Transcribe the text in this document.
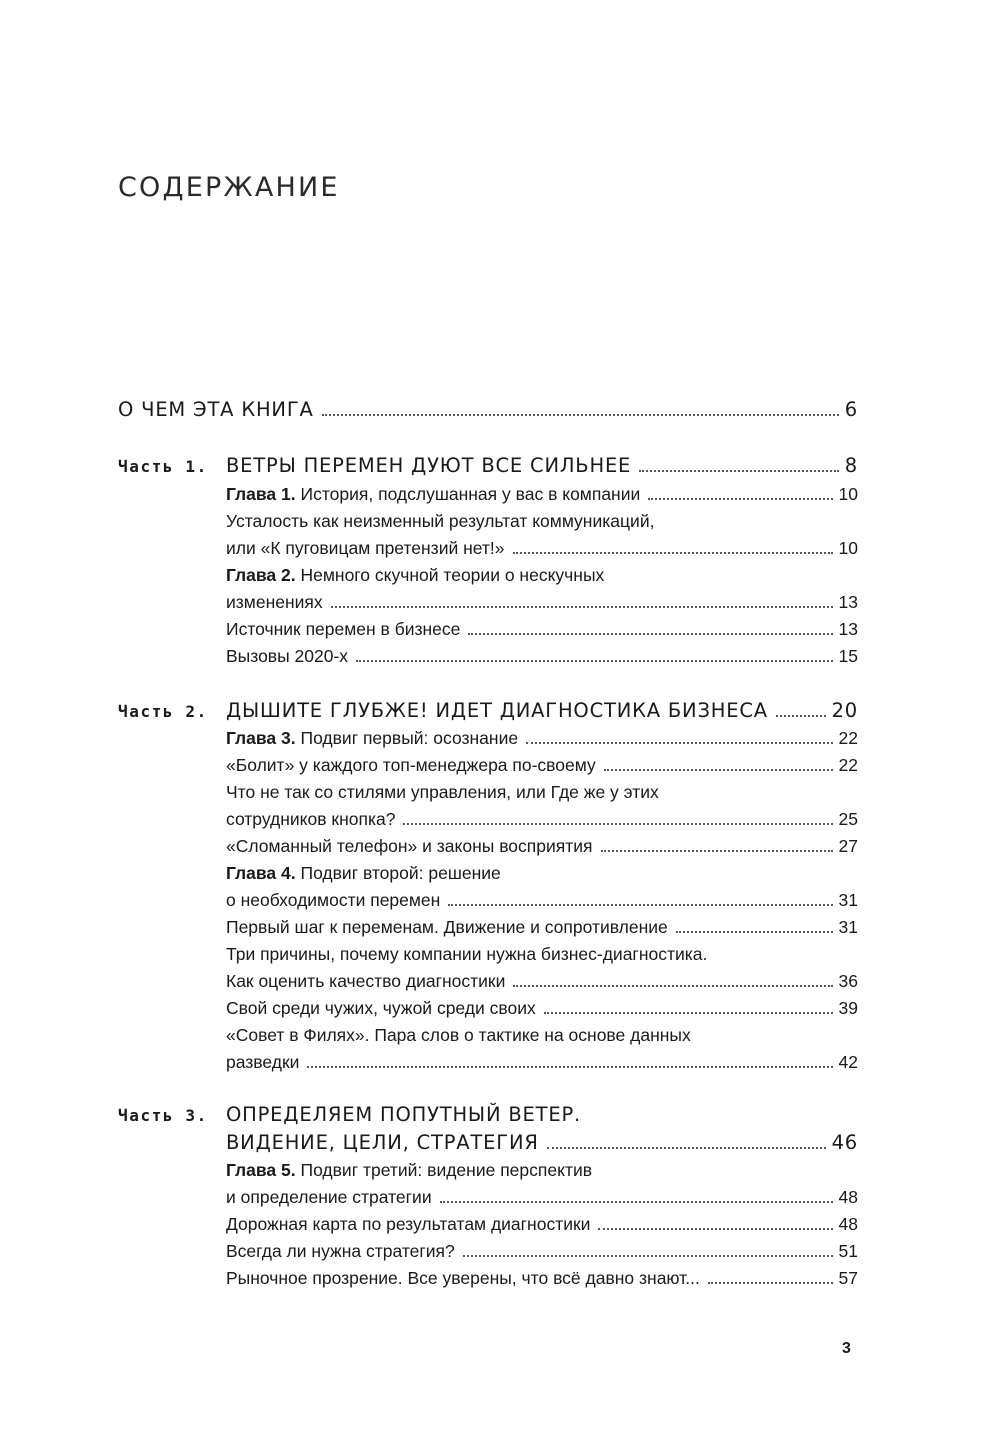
СОДЕРЖАНИЕ
О ЧЕМ ЭТА КНИГА	6
Часть 1. ВЕТРЫ ПЕРЕМЕН ДУЮТ ВСЕ СИЛЬНЕЕ	8
Глава 1. История, подслушанная у вас в компании	10
Усталость как неизменный результат коммуникаций,
или «К пуговицам претензий нет!»	10
Глава 2. Немного скучной теории о нескучных
изменениях	13
Источник перемен в бизнесе	13
Вызовы 2020-х	15
Часть 2. ДЫШИТЕ ГЛУБЖЕ! ИДЕТ ДИАГНОСТИКА БИЗНЕСА	20
Глава 3. Подвиг первый: осознание	22
«Болит» у каждого топ-менеджера по-своему	22
Что не так со стилями управления, или Где же у этих
сотрудников кнопка?	25
«Сломанный телефон» и законы восприятия	27
Глава 4. Подвиг второй: решение
о необходимости перемен	31
Первый шаг к переменам. Движение и сопротивление	31
Три причины, почему компании нужна бизнес-диагностика.
Как оценить качество диагностики	36
Свой среди чужих, чужой среди своих	39
«Совет в Филях». Пара слов о тактике на основе данных
разведки	42
Часть 3. ОПРЕДЕЛЯЕМ ПОПУТНЫЙ ВЕТЕР.
ВИДЕНИЕ, ЦЕЛИ, СТРАТЕГИЯ	46
Глава 5. Подвиг третий: видение перспектив
и определение стратегии	48
Дорожная карта по результатам диагностики	48
Всегда ли нужна стратегия?	51
Рыночное прозрение. Все уверены, что всё давно знают...	57
3
